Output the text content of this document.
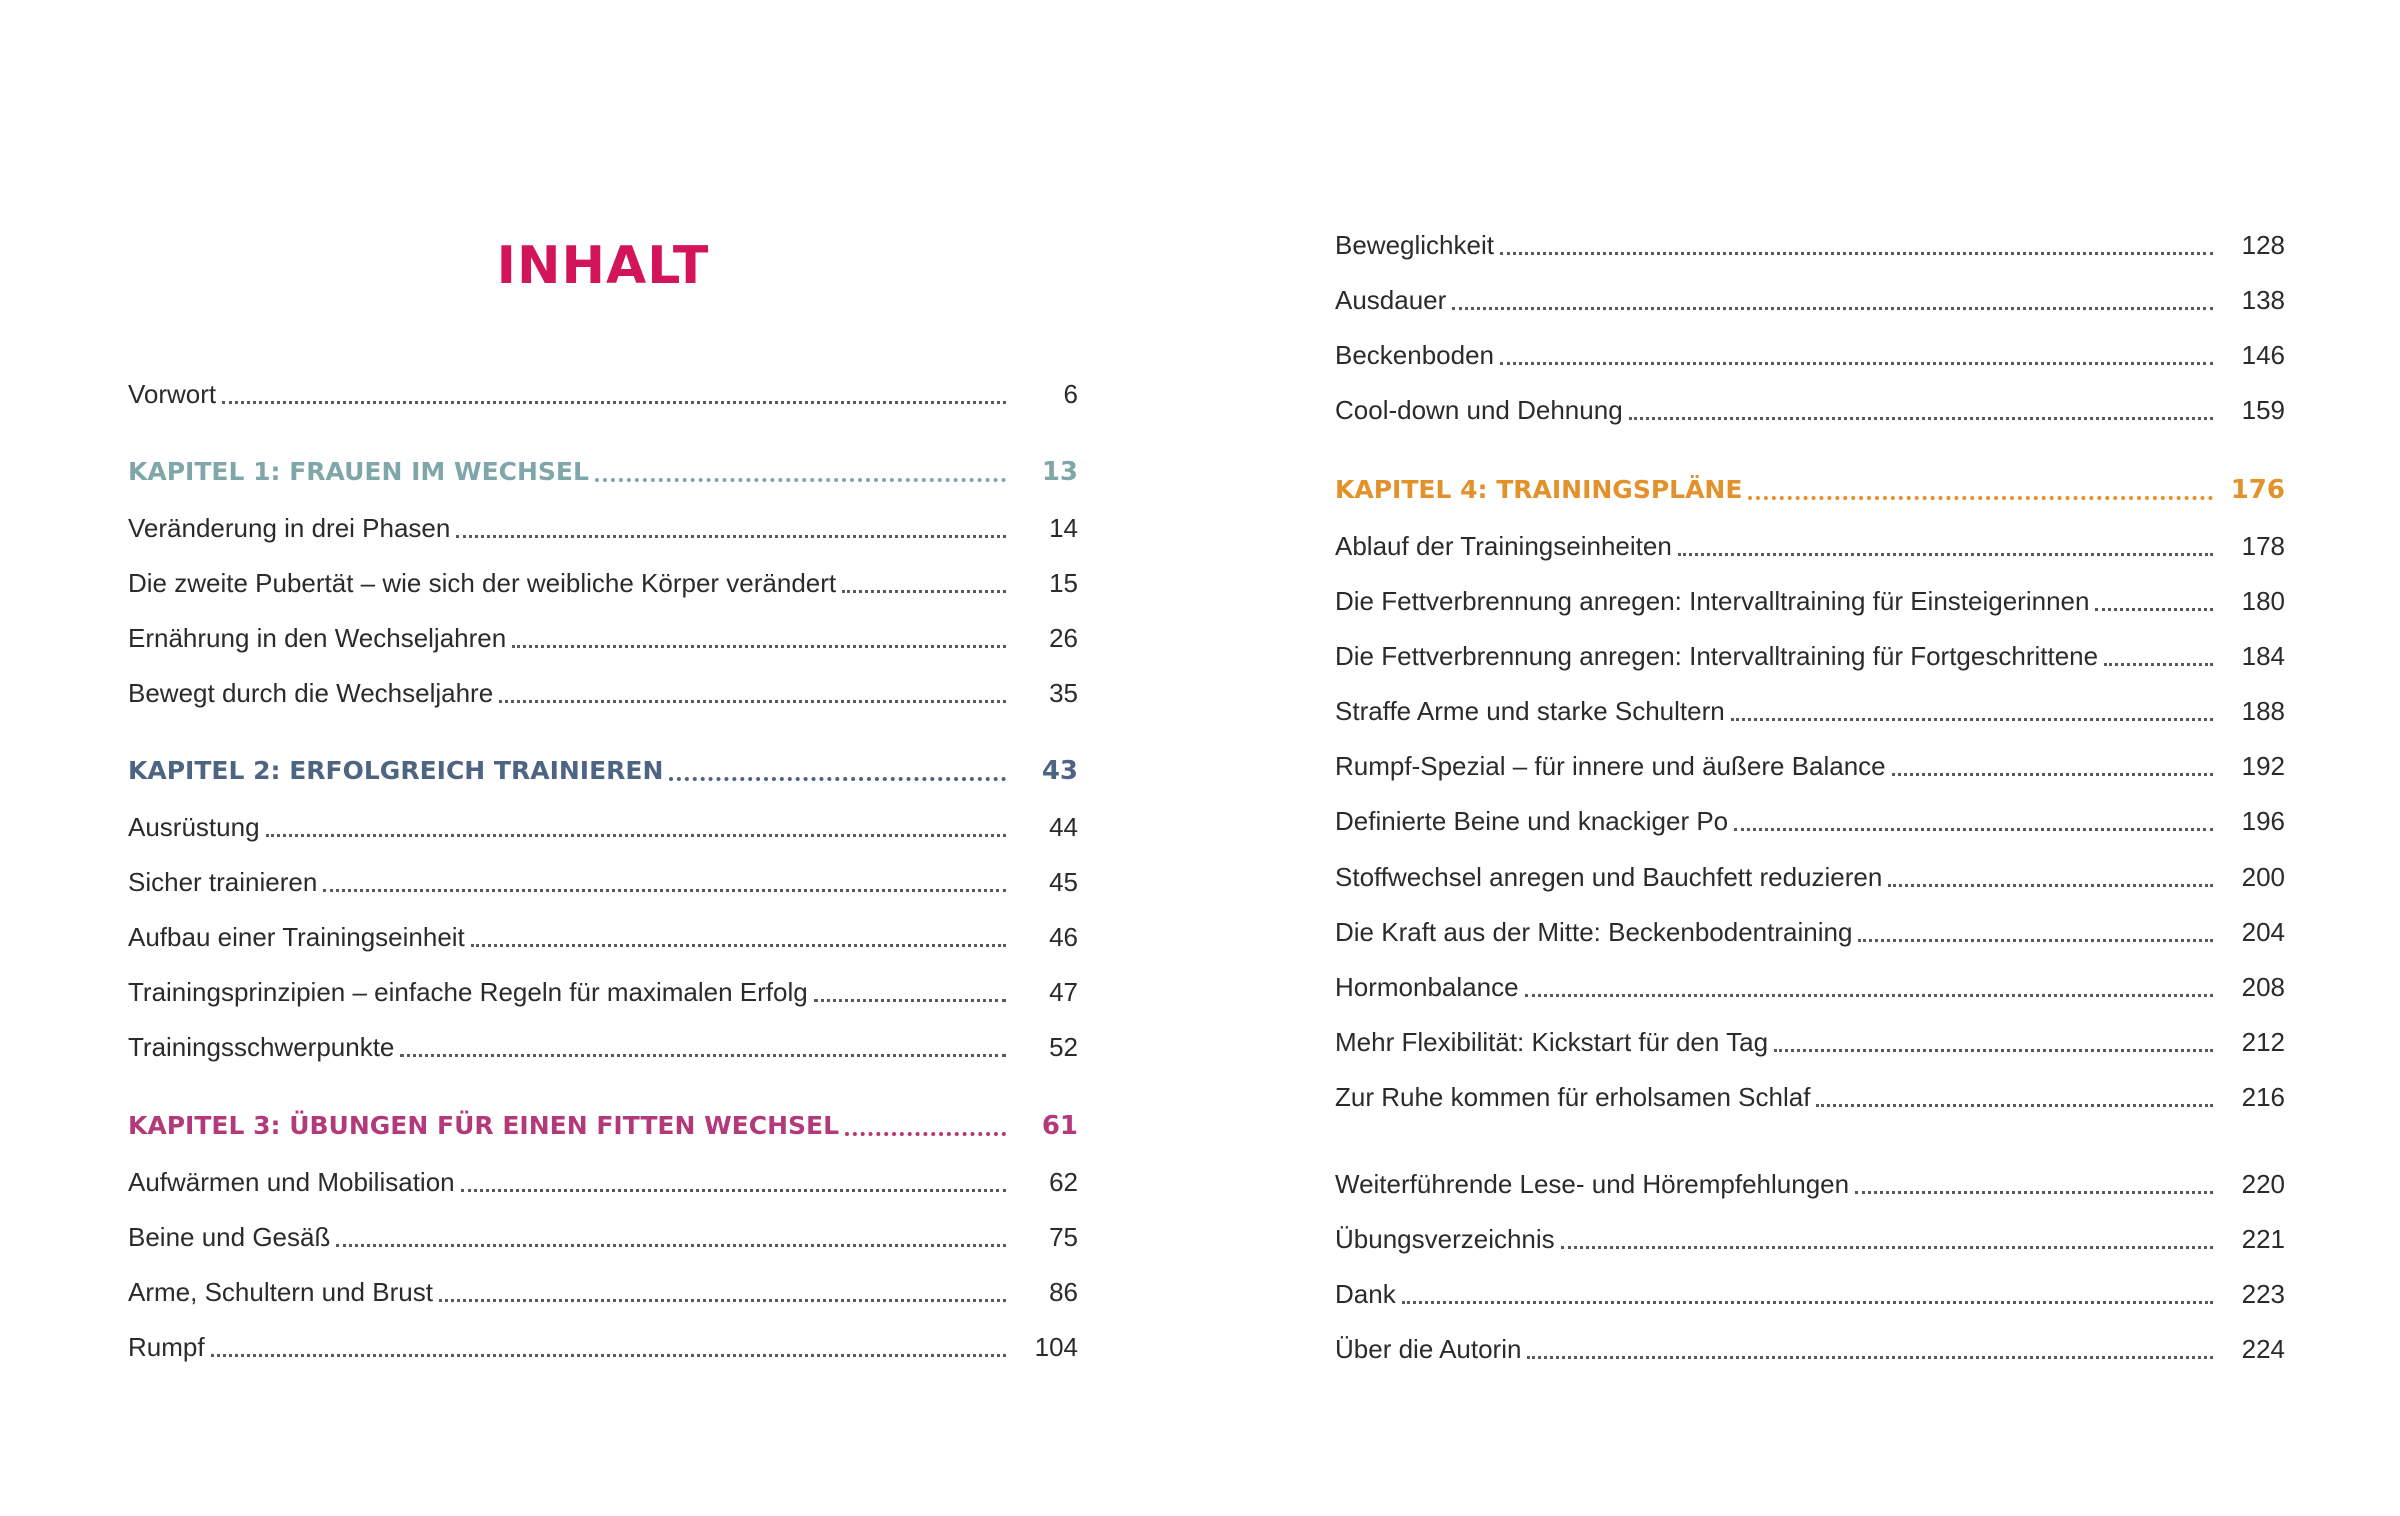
INHALT
Vorwort	6
KAPITEL 1: FRAUEN IM WECHSEL	13
Veränderung in drei Phasen	14
Die zweite Pubertät – wie sich der weibliche Körper verändert	15
Ernährung in den Wechseljahren	26
Bewegt durch die Wechseljahre	35
KAPITEL 2: ERFOLGREICH TRAINIEREN	43
Ausrüstung	44
Sicher trainieren	45
Aufbau einer Trainingseinheit	46
Trainingsprinzipien – einfache Regeln für maximalen Erfolg	47
Trainingsschwerpunkte	52
KAPITEL 3: ÜBUNGEN FÜR EINEN FITTEN WECHSEL	61
Aufwärmen und Mobilisation	62
Beine und Gesäß	75
Arme, Schultern und Brust	86
Rumpf	104
Beweglichkeit	128
Ausdauer	138
Beckenboden	146
Cool-down und Dehnung	159
KAPITEL 4: TRAININGSPLÄNE	176
Ablauf der Trainingseinheiten	178
Die Fettverbrennung anregen: Intervalltraining für Einsteigerinnen	180
Die Fettverbrennung anregen: Intervalltraining für Fortgeschrittene	184
Straffe Arme und starke Schultern	188
Rumpf-Spezial – für innere und äußere Balance	192
Definierte Beine und knackiger Po	196
Stoffwechsel anregen und Bauchfett reduzieren	200
Die Kraft aus der Mitte: Beckenbodentraining	204
Hormonbalance	208
Mehr Flexibilität: Kickstart für den Tag	212
Zur Ruhe kommen für erholsamen Schlaf	216
Weiterführende Lese- und Hörempfehlungen	220
Übungsverzeichnis	221
Dank	223
Über die Autorin	224
